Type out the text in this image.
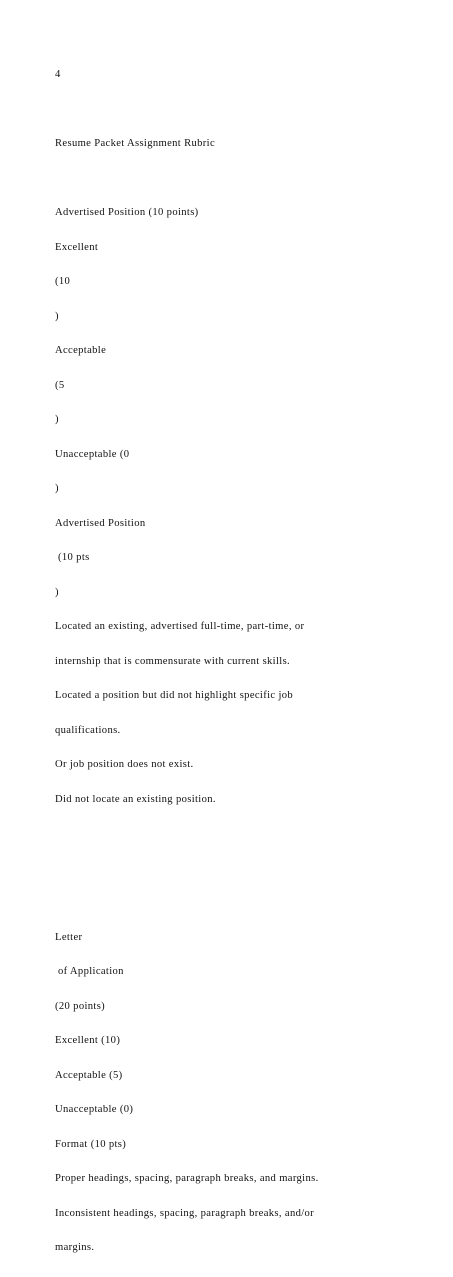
4

Resume Packet Assignment Rubric

Advertised Position (10 points)

Excellent

(10

)

Acceptable

(5

)

Unacceptable (0

)

Advertised Position

(10 pts

)

Located an existing, advertised full-time, part-time, or

internship that is commensurate with current skills.

Located a position but did not highlight specific job

qualifications.

Or job position does not exist.

Did not locate an existing position.

Letter

of Application

(20 points)

Excellent (10)

Acceptable (5)

Unacceptable (0)

Format (10 pts)

Proper headings, spacing, paragraph breaks, and margins.

Inconsistent headings, spacing, paragraph breaks, and/or

margins.
